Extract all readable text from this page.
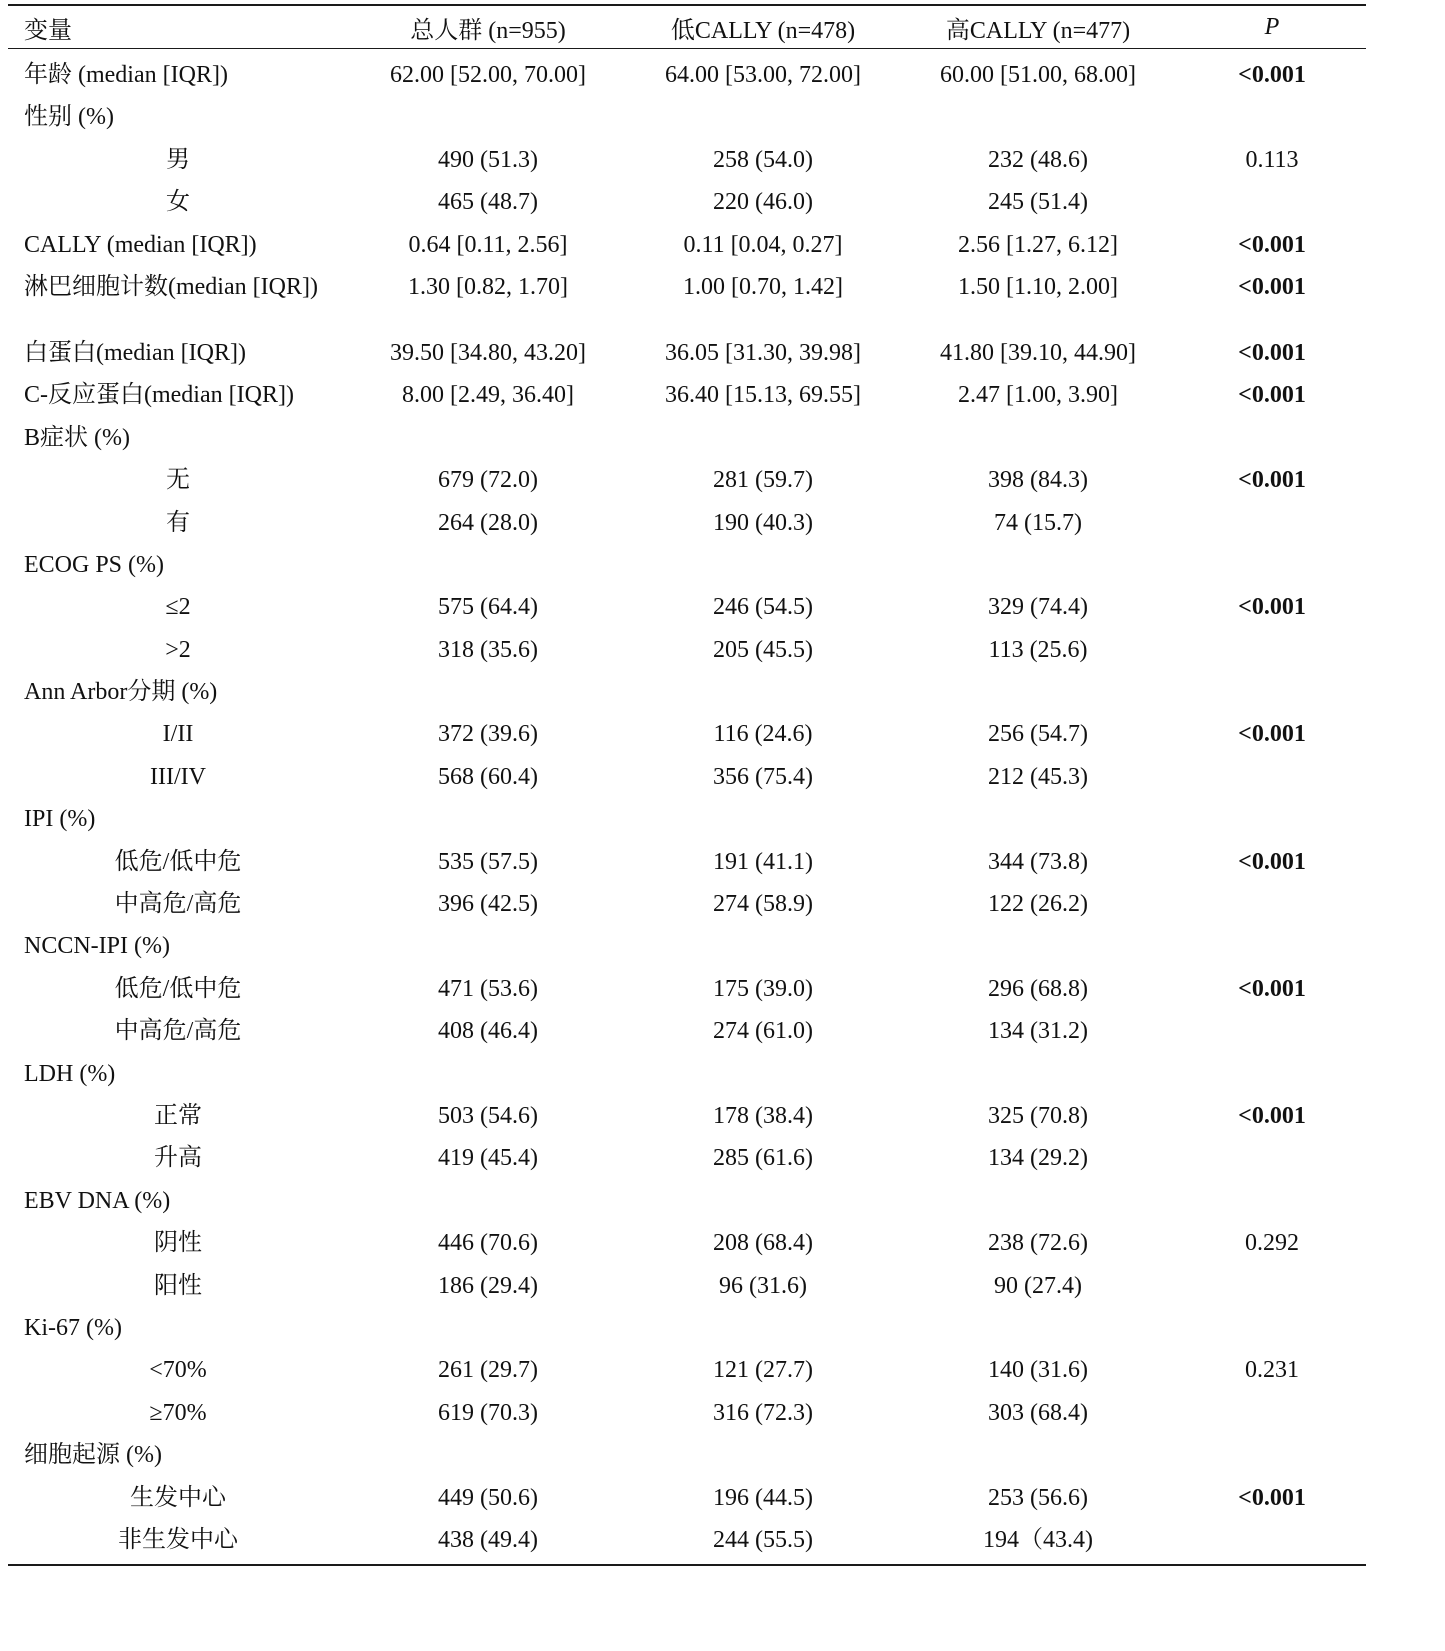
变量	总人群 (n=955)	低CALLY (n=478)	高CALLY (n=477)	P
年龄 (median [IQR])	62.00 [52.00, 70.00]	64.00 [53.00, 72.00]	60.00 [51.00, 68.00]	<0.001
性别 (%)
男	490 (51.3)	258 (54.0)	232 (48.6)	0.113
女	465 (48.7)	220 (46.0)	245 (51.4)
CALLY (median [IQR])	0.64 [0.11, 2.56]	0.11 [0.04, 0.27]	2.56 [1.27, 6.12]	<0.001
淋巴细胞计数(median [IQR])	1.30 [0.82, 1.70]	1.00 [0.70, 1.42]	1.50 [1.10, 2.00]	<0.001
白蛋白(median [IQR])	39.50 [34.80, 43.20]	36.05 [31.30, 39.98]	41.80 [39.10, 44.90]	<0.001
C-反应蛋白(median [IQR])	8.00 [2.49, 36.40]	36.40 [15.13, 69.55]	2.47 [1.00, 3.90]	<0.001
B症状 (%)
无	679 (72.0)	281 (59.7)	398 (84.3)	<0.001
有	264 (28.0)	190 (40.3)	74 (15.7)
ECOG PS (%)
≤2	575 (64.4)	246 (54.5)	329 (74.4)	<0.001
>2	318 (35.6)	205 (45.5)	113 (25.6)
Ann Arbor分期 (%)
I/II	372 (39.6)	116 (24.6)	256 (54.7)	<0.001
III/IV	568 (60.4)	356 (75.4)	212 (45.3)
IPI (%)
低危/低中危	535 (57.5)	191 (41.1)	344 (73.8)	<0.001
中高危/高危	396 (42.5)	274 (58.9)	122 (26.2)
NCCN-IPI (%)
低危/低中危	471 (53.6)	175 (39.0)	296 (68.8)	<0.001
中高危/高危	408 (46.4)	274 (61.0)	134 (31.2)
LDH (%)
正常	503 (54.6)	178 (38.4)	325 (70.8)	<0.001
升高	419 (45.4)	285 (61.6)	134 (29.2)
EBV DNA (%)
阴性	446 (70.6)	208 (68.4)	238 (72.6)	0.292
阳性	186 (29.4)	96 (31.6)	90 (27.4)
Ki-67 (%)
<70%	261 (29.7)	121 (27.7)	140 (31.6)	0.231
≥70%	619 (70.3)	316 (72.3)	303 (68.4)
细胞起源 (%)
生发中心	449 (50.6)	196 (44.5)	253 (56.6)	<0.001
非生发中心	438 (49.4)	244 (55.5)	194（43.4)
